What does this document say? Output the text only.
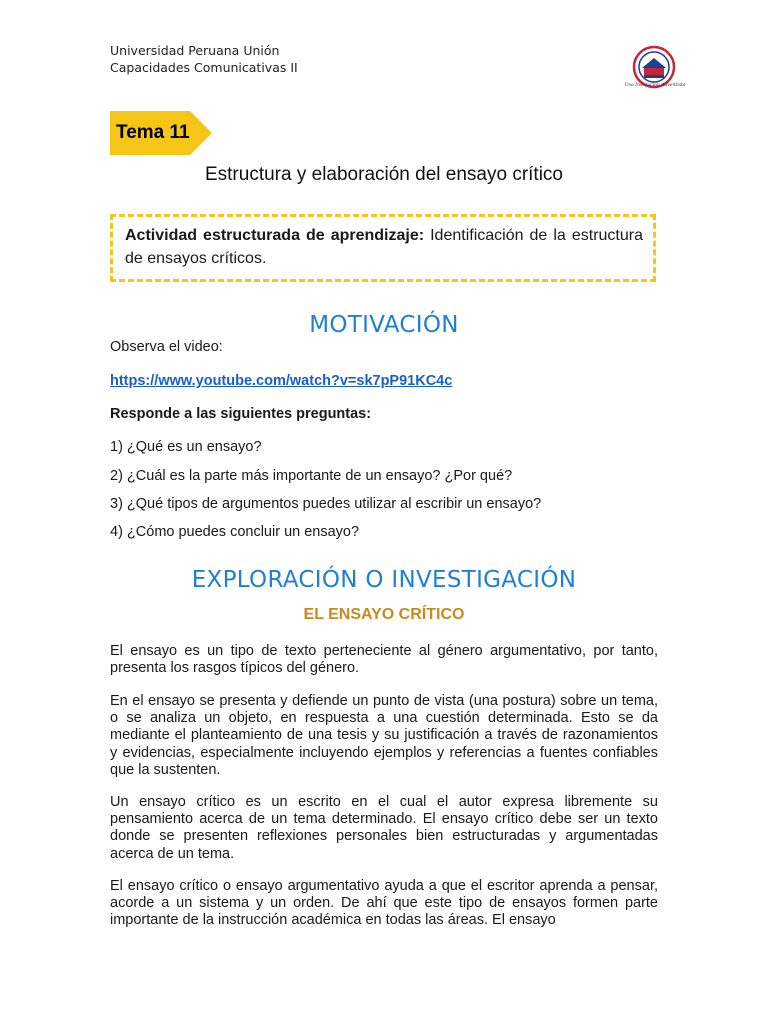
Universidad Peruana Unión
Capacidades Comunicativas II
Una Institución Adventista
Tema 11
Estructura y elaboración del ensayo crítico
Actividad estructurada de aprendizaje: Identificación de la estructura de ensayos críticos.
MOTIVACIÓN
Observa el video:
https://www.youtube.com/watch?v=sk7pP91KC4c
Responde a las siguientes preguntas:
1) ¿Qué es un ensayo?
2) ¿Cuál es la parte más importante de un ensayo? ¿Por qué?
3) ¿Qué tipos de argumentos puedes utilizar al escribir un ensayo?
4) ¿Cómo puedes concluir un ensayo?
EXPLORACIÓN O INVESTIGACIÓN
EL ENSAYO CRÍTICO
El ensayo es un tipo de texto perteneciente al género argumentativo, por tanto, presenta los rasgos típicos del género.
En el ensayo se presenta y defiende un punto de vista (una postura) sobre un tema, o se analiza un objeto, en respuesta a una cuestión determinada. Esto se da mediante el planteamiento de una tesis y su justificación a través de razonamientos y evidencias, especialmente incluyendo ejemplos y referencias a fuentes confiables que la sustenten.
Un ensayo crítico es un escrito en el cual el autor expresa libremente su pensamiento acerca de un tema determinado. El ensayo crítico debe ser un texto donde se presenten reflexiones personales bien estructuradas y argumentadas acerca de un tema.
El ensayo crítico o ensayo argumentativo ayuda a que el escritor aprenda a pensar, acorde a un sistema y un orden. De ahí que este tipo de ensayos formen parte importante de la instrucción académica en todas las áreas. El ensayo
